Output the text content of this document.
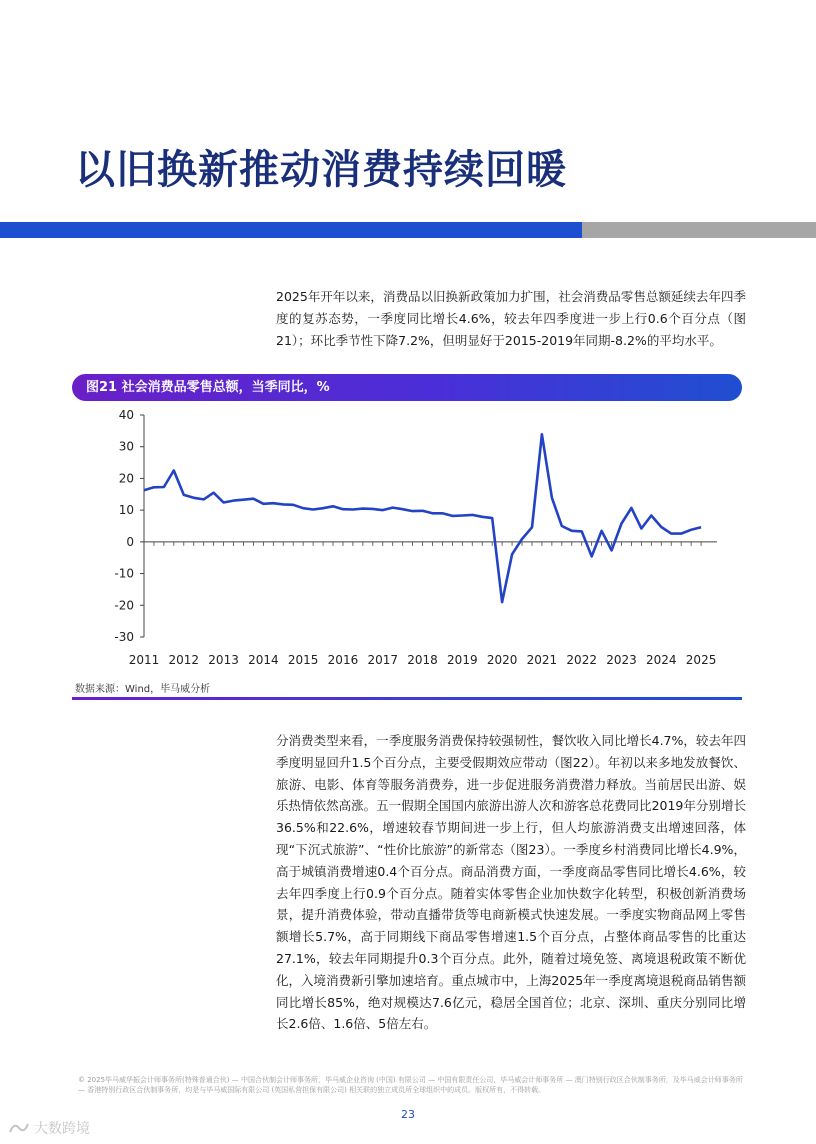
以旧换新推动消费持续回暖
2025年开年以来，消费品以旧换新政策加力扩围，社会消费品零售总额延续去年四季度的复苏态势，一季度同比增长4.6%，较去年四季度进一步上行0.6个百分点（图21）；环比季节性下降7.2%，但明显好于2015-2019年同期-8.2%的平均水平。
图21 社会消费品零售总额，当季同比，%
40
30
20
10
0
-10
-20
-30
2011 2012 2013 2014 2015 2016 2017 2018 2019 2020 2021 2022 2023 2024 2025
数据来源：Wind，毕马威分析
分消费类型来看，一季度服务消费保持较强韧性，餐饮收入同比增长4.7%，较去年四季度明显回升1.5个百分点，主要受假期效应带动（图22）。年初以来多地发放餐饮、旅游、电影、体育等服务消费券，进一步促进服务消费潜力释放。当前居民出游、娱乐热情依然高涨。五一假期全国国内旅游出游人次和游客总花费同比2019年分别增长36.5%和22.6%，增速较春节期间进一步上行，但人均旅游消费支出增速回落，体现“下沉式旅游”、“性价比旅游”的新常态（图23）。一季度乡村消费同比增长4.9%，高于城镇消费增速0.4个百分点。商品消费方面，一季度商品零售同比增长4.6%，较去年四季度上行0.9个百分点。随着实体零售企业加快数字化转型，积极创新消费场景，提升消费体验，带动直播带货等电商新模式快速发展。一季度实物商品网上零售额增长5.7%，高于同期线下商品零售增速1.5个百分点，占整体商品零售的比重达27.1%，较去年同期提升0.3个百分点。此外，随着过境免签、离境退税政策不断优化，入境消费新引擎加速培育。重点城市中，上海2025年一季度离境退税商品销售额同比增长85%，绝对规模达7.6亿元，稳居全国首位；北京、深圳、重庆分别同比增长2.6倍、1.6倍、5倍左右。
© 2025毕马威华振会计师事务所(特殊普通合伙) — 中国合伙制会计师事务所，毕马威企业咨询 (中国) 有限公司 — 中国有限责任公司，毕马威会计师事务所 — 澳门特别行政区合伙制事务所，及毕马威会计师事务所 — 香港特别行政区合伙制事务所，均是与毕马威国际有限公司 (英国私营担保有限公司) 相关联的独立成员所全球组织中的成员。版权所有，不得转载。
23
大数跨境
